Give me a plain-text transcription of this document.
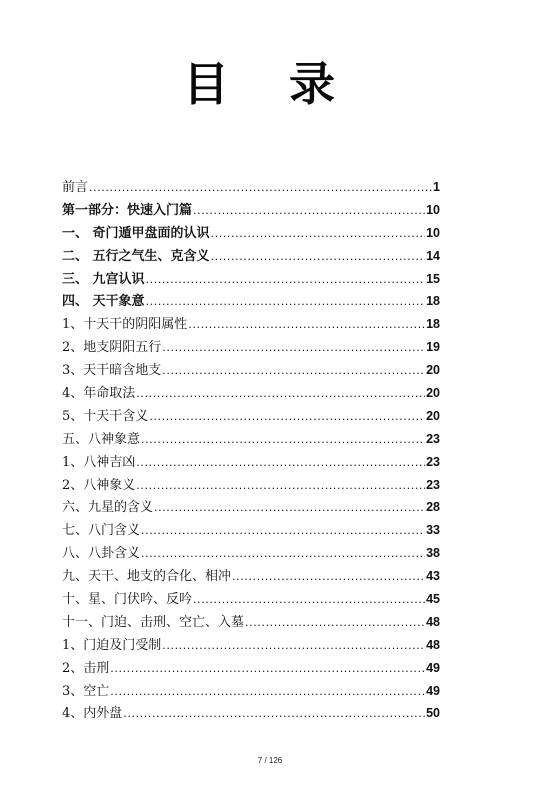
目 录
前言 .....	1
第一部分：快速入门篇 .....	10
一、 奇门遁甲盘面的认识 .....	10
二、 五行之气生、克含义 .....	14
三、 九宫认识 .....	15
四、 天干象意 .....	18
1、十天干的阴阳属性 .....	18
2、地支阴阳五行 .....	19
3、天干暗含地支 .....	20
4、年命取法 .....	20
5、十天干含义 .....	20
五、八神象意 .....	23
1、八神吉凶 .....	23
2、八神象义 .....	23
六、九星的含义 .....	28
七、八门含义 .....	33
八、八卦含义 .....	38
九、天干、地支的合化、相冲 .....	43
十、星、门伏吟、反吟 .....	45
十一、门迫、击刑、空亡、入墓 .....	48
1、门迫及门受制 .....	48
2、击刑 .....	49
3、空亡 .....	49
4、内外盘 .....	50
7 / 126
